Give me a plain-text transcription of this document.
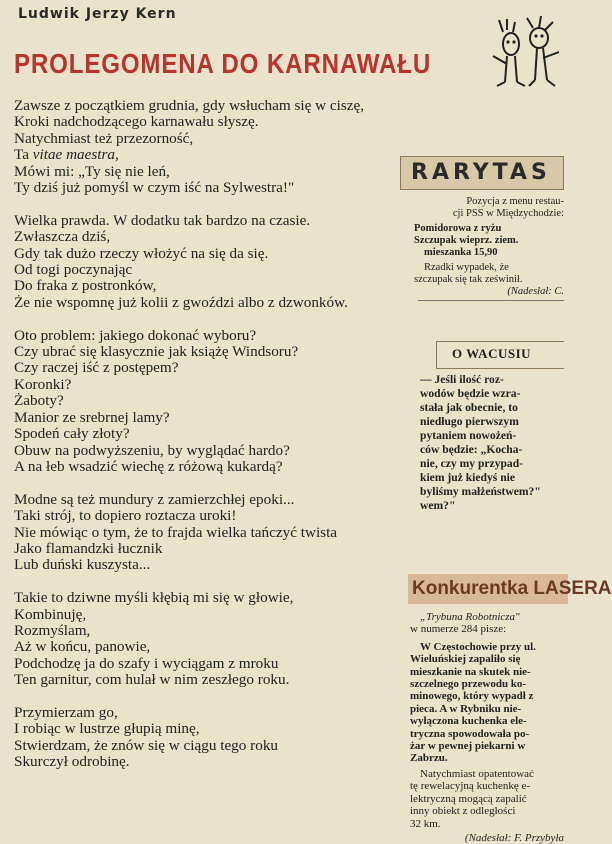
Ludwik Jerzy Kern
PROLEGOMENA DO KARNAWAŁU
Zawsze z początkiem grudnia, gdy wsłucham się w ciszę,
Kroki nadchodzącego karnawału słyszę.
Natychmiast też przezorność,
Ta vitae maestra,
Mówi mi: „Ty się nie leń,
Ty dziś już pomyśl w czym iść na Sylwestra!"
Wielka prawda. W dodatku tak bardzo na czasie.
Zwłaszcza dziś,
Gdy tak dużo rzeczy włożyć na się da się.
Od togi poczynając
Do fraka z postronków,
Że nie wspomnę już kolii z gwoździ albo z dzwonków.
Oto problem: jakiego dokonać wyboru?
Czy ubrać się klasycznie jak książę Windsoru?
Czy raczej iść z postępem?
Koronki?
Żaboty?
Manior ze srebrnej lamy?
Spodeń cały złoty?
Obuw na podwyższeniu, by wyglądać hardo?
A na łeb wsadzić wiechę z różową kukardą?
Modne są też mundury z zamierzchłej epoki...
Taki strój, to dopiero roztacza uroki!
Nie mówiąc o tym, że to frajda wielka tańczyć twista
Jako flamandzki łucznik
Lub duński kuszysta...
Takie to dziwne myśli kłębią mi się w głowie,
Kombinuję,
Rozmyślam,
Aż w końcu, panowie,
Podchodzę ja do szafy i wyciągam z mroku
Ten garnitur, com hulał w nim zeszłego roku.
Przymierzam go,
I robiąc w lustrze głupią minę,
Stwierdzam, że znów się w ciągu tego roku
Skurczył odrobinę.
RARYTAS
Pozycja z menu restau-
cji PSS w Międzychodzie:
Pomidorowa z ryżu
Szczupak wieprz. ziem.
mieszanka 15,90
Rzadki wypadek, że
szczupak się tak ześwinił.
(Nadesłał: C.
O WACUSIU
— Jeśli ilość roz-
wodów będzie wzra-
stała jak obecnie, to
niedługo pierwszym
pytaniem nowożeń-
ców będzie: „Kocha-
nie, czy my przypad-
kiem już kiedyś nie
byliśmy małżeństwem?"
wem?"
Konkurentka LASERA
„Trybuna Robotnicza"
w numerze 284 pisze:
W Częstochowie przy ul.
Wieluńskiej zapaliło się
mieszkanie na skutek nie-
szczelnego przewodu ko-
minowego, który wypadł z
pieca. A w Rybniku nie-
wyłączona kuchenka ele-
tryczna spowodowała po-
żar w pewnej piekarni w Zabrzu.
Natychmiast opatentować
tę rewelacyjną kuchenkę e-
lektryczną mogącą zapalić
inny obiekt z odległości
32 km.
(Nadesłał: F. Przybyła
